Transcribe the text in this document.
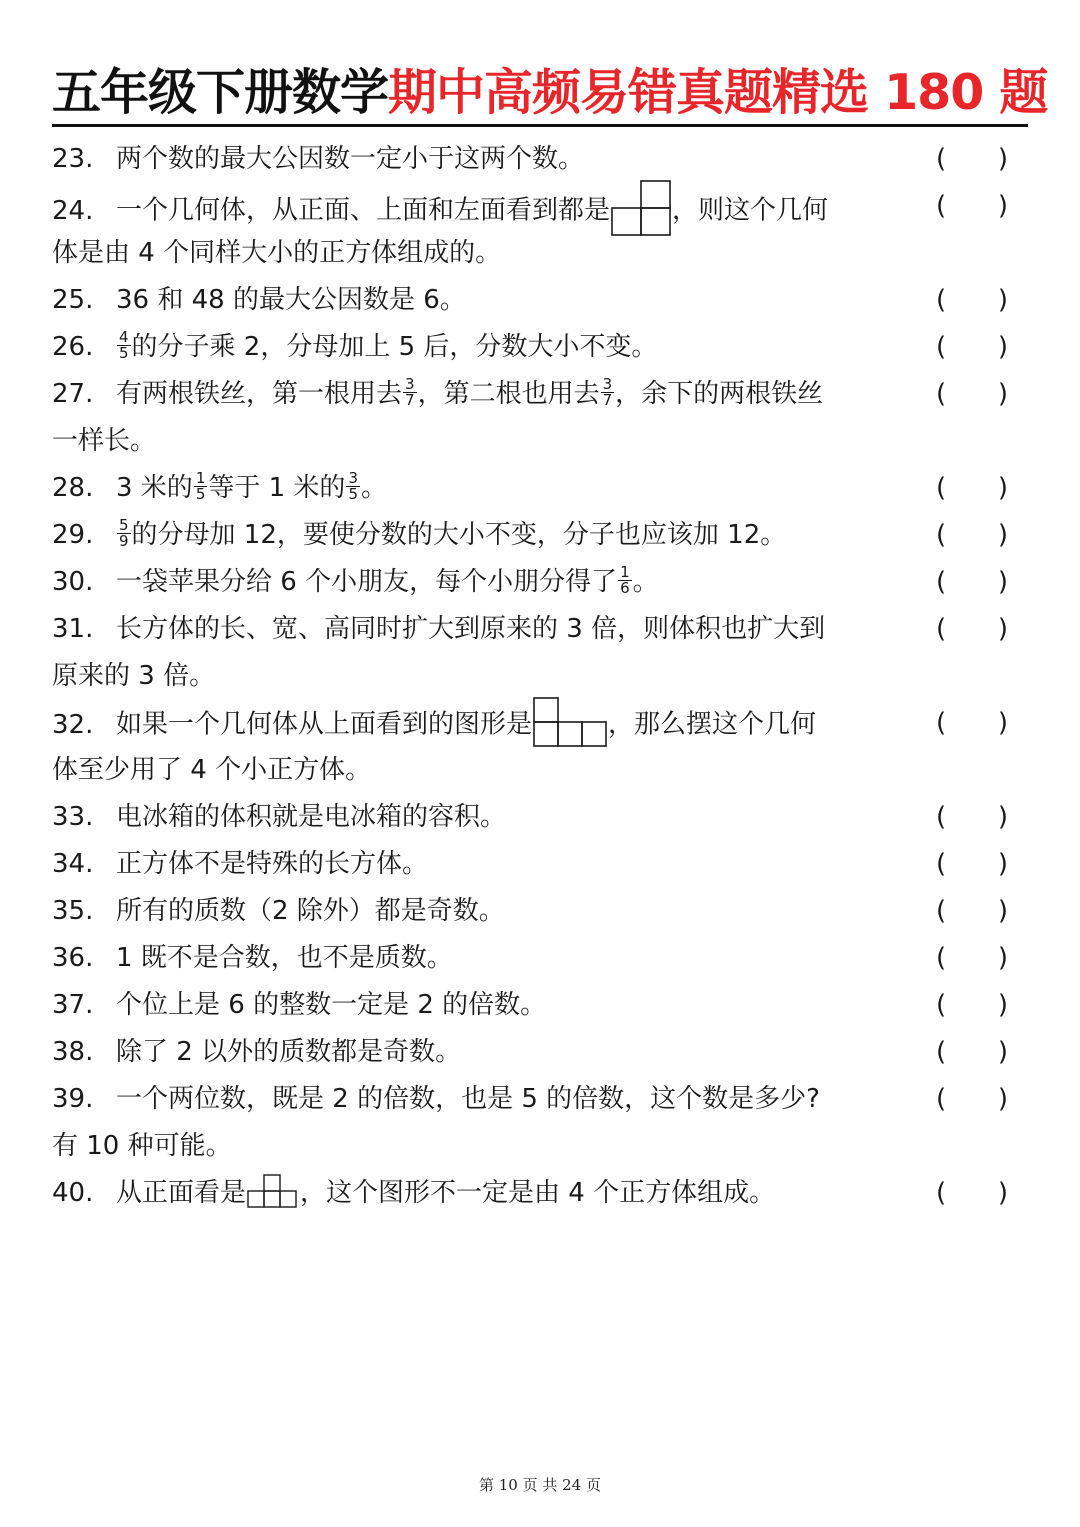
五年级下册数学期中高频易错真题精选 180 题
23. 两个数的最大公因数一定小于这两个数。	( )
24. 一个几何体，从正面、上面和左面看到都是 ，则这个几何	( )
体是由 4 个同样大小的正方体组成的。
25. 36 和 48 的最大公因数是 6。	( )
26. $\frac{4}{5}$ 的分子乘 2，分母加上 5 后，分数大小不变。	( )
27. 有两根铁丝，第一根用去 $\frac{3}{7}$ ，第二根也用去 $\frac{3}{7}$ ，余下的两根铁丝	( )
一样长。
28. 3 米的 $\frac{1}{5}$ 等于 1 米的 $\frac{3}{5}$ 。	( )
29. $\frac{5}{9}$ 的分母加 12，要使分数的大小不变，分子也应该加 12。	( )
30. 一袋苹果分给 6 个小朋友，每个小朋分得了 $\frac{1}{6}$ 。	( )
31. 长方体的长、宽、高同时扩大到原来的 3 倍，则体积也扩大到	( )
原来的 3 倍。
32. 如果一个几何体从上面看到的图形是	，那么摆这个几何	( )
体至少用了 4 个小正方体。
33. 电冰箱的体积就是电冰箱的容积。	( )
34. 正方体不是特殊的长方体。	( )
35. 所有的质数（2 除外）都是奇数。	( )
36. 1 既不是合数，也不是质数。	( )
37. 个位上是 6 的整数一定是 2 的倍数。	( )
38. 除了 2 以外的质数都是奇数。	( )
39. 一个两位数，既是 2 的倍数，也是 5 的倍数，这个数是多少?	( )
有 10 种可能。
40. 从正面看是 ，这个图形不一定是由 4 个正方体组成。	( )
第 10 页 共 24 页
